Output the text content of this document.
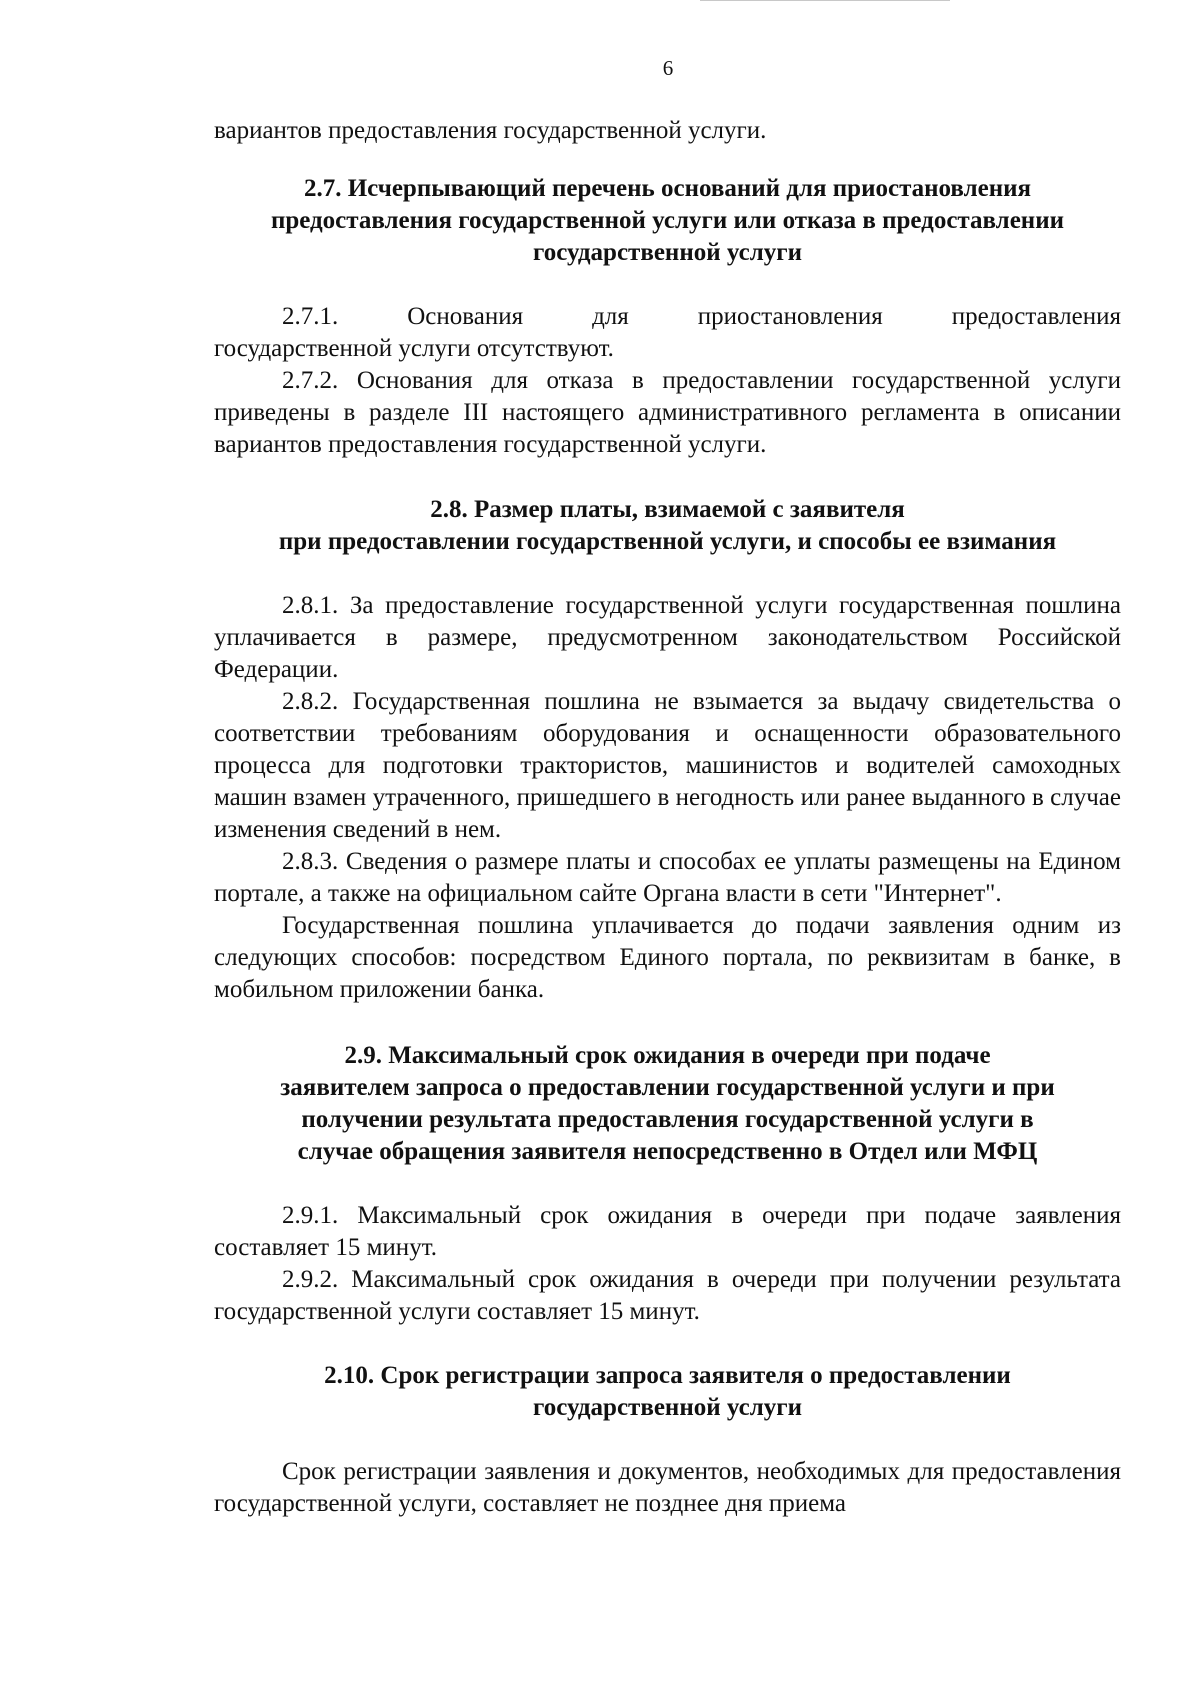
6

вариантов предоставления государственной услуги.

2.7. Исчерпывающий перечень оснований для приостановления
предоставления государственной услуги или отказа в предоставлении
государственной услуги
2.7.1.	Основания	для	приостановления	предоставления

государственной услуги отсутствуют.

2.7.2. Основания для отказа в предоставлении государственной услуги приведены в разделе III настоящего административного регламента в описании вариантов предоставления государственной услуги.

2.8. Размер платы, взимаемой с заявителя
при предоставлении государственной услуги, и способы ее взимания

2.8.1. За предоставление государственной услуги государственная пошлина уплачивается в размере, предусмотренном законодательством Российской Федерации.

2.8.2. Государственная пошлина не взымается за выдачу свидетельства о соответствии требованиям оборудования и оснащенности образовательного процесса для подготовки трактористов, машинистов и водителей самоходных машин взамен утраченного, пришедшего в негодность или ранее выданного в случае изменения сведений в нем.

2.8.3. Сведения о размере платы и способах ее уплаты размещены на Едином портале, а также на официальном сайте Органа власти в сети "Интернет".

Государственная пошлина уплачивается до подачи заявления одним из следующих способов: посредством Единого портала, по реквизитам в банке, в мобильном приложении банка.

2.9. Максимальный срок ожидания в очереди при подаче
заявителем запроса о предоставлении государственной услуги и при
получении результата предоставления государственной услуги в
случае обращения заявителя непосредственно в Отдел или МФЦ

2.9.1. Максимальный срок ожидания в очереди при подаче заявления составляет 15 минут.

2.9.2. Максимальный срок ожидания в очереди при получении результата государственной услуги составляет 15 минут.

2.10. Срок регистрации запроса заявителя о предоставлении
государственной услуги

Срок регистрации заявления и документов, необходимых для предоставления государственной услуги, составляет не позднее дня приема
